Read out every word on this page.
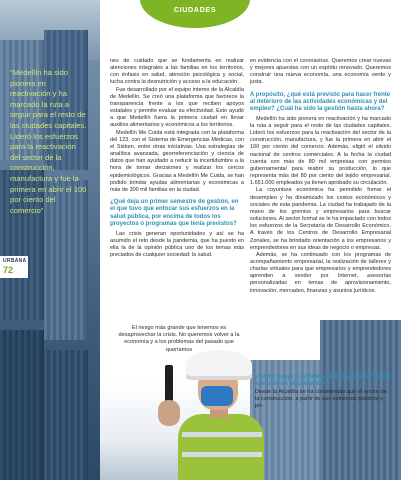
"Medellín ha sido pionera en reactivación y ha marcado la ruta a seguir para el resto de las ciudades capitales. Lideró los esfuerzos para la reactivación del sector de la construcción, manufactura y fue la primera en abrir el 100 por ciento del comercio"
URBANA
72
CIUDADES

nes de cuidado que se fundamenta en realizar atenciones integrales a las familias en los territorios, con énfasis en salud, atención psicológica y social, lucha contra la desnutrición y acceso a la educación.

Fue desarrollado por el equipo interno de la Alcaldía de Medellín. Se creó una plataforma que favorece la transparencia frente a los que reciben apoyos estatales y permite evaluar su efectividad. Esto ayudó a que Medellín fuera la primera ciudad en llevar auxilios alimentarios y económicos a los territorios.

Medellín Me Cuida está integrada con la plataforma del 123, con el Sistema de Emergencias Médicas, con el Sisben, entre otras iniciativas. Usa estrategias de analítica avanzada, georreferenciación y ciencia de datos que han ayudado a reducir la incertidumbre a la hora de tomar decisiones y realizar los cercos epidemiológicos. Gracias a Medellín Me Cuida, se han podido brindar ayudas alimentarias y económicas a más de 300 mil familias en la ciudad.

¿Qué deja un primer semestre de gestión, en el que tuvo que enfocar sus esfuerzos en la salud pública, por encima de todos los proyectos o programas que tenía previstos?

Las crisis generan oportunidades y así se ha asumido el reto desde la pandemia, que ha puesto en ella la de la opinión pública uno de los temas más preciados de cualquier sociedad: la salud.

en evidencia con el coronavirus. Queremos crear nuevas y mejores apuestas con un espíritu renovado. Queremos construir una nueva economía, una economía verde y justa.

A propósito, ¿qué está previsto para hacer frente al deterioro de las actividades económicas y del empleo? ¿Cuál ha sido la gestión hasta ahora?

Medellín ha sido pionera en reactivación y ha marcado la ruta a seguir para el resto de las ciudades capitales. Lideró los esfuerzos para la reactivación del sector de la construcción, manufactura, y fue la primera en abrir el 100 por ciento del comercio. Además, eligió el silvido nacional de centros comerciales. A la fecha la ciudad cuenta con más de 80 mil empresas con permiso gubernamental para reabrir su producción, lo que representa más del 80 por ciento del tejido empresarial. 1.651.000 empleados ya tienen aprobado su circulación.

La coyuntura económica ha permitido frenar el desempleo y ha dinamizado los costos económicos y sociales de esta pandemia. La ciudad ha trabajado de la mano de los gremios y empresarios para buscar soluciones. Al sector formal se le ha impactado con todos los esfuerzos de la Secretaría de Desarrollo Económico. A través de los Centros de Desarrollo Empresarial Zonales, se ha brindado orientación a los empresarios y emprendedores en sus ideas de negocio o empresas.

Además, se ha continuado con los programas de acompañamiento empresarial, la realización de talleres y charlas virtuales para que empresarios y emprendedores aprenden a vender por Internet, asesorías personalizadas en temas de aprovisionamiento, innovación, mercadeo, finanzas y asuntos jurídicos.

El riesgo más grande que tenemos es desaprovechar la crisis. No queremos volver a la economía y a los problemas del pasado que queríamos
¿Cómo juega la actividad edificadora dentro de ese plan de reactivación?
Desde la Alcaldía se ha considerado que el sector de la construcción, a partir de sus esfuerzos públicos y pri-
